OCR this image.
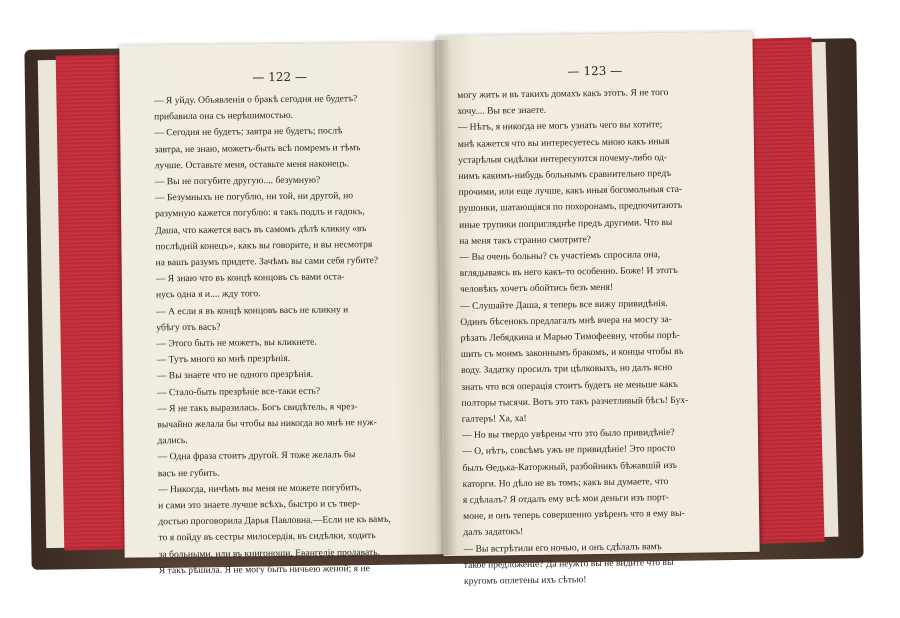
— 122 —
— Я уйду. Объявленія о бракѣ сегодня не будетъ?
прибавила она съ нерѣшимостью.
— Сегодня не будетъ; завтра не будетъ; послѣ
завтра, не знаю, можетъ-быть всѣ помремъ и тѣмъ
лучше. Оставьте меня, оставьте меня наконецъ.
— Вы не погубите другую.... безумную?
— Безумныхъ не погублю, ни той, ни другой, но
разумную кажется погублю: я такъ подлъ и гадокъ,
Даша, что кажется васъ въ самомъ дѣлѣ кликну «въ
послѣдній конецъ», какъ вы говорите, и вы несмотря
на вашъ разумъ придете. Зачѣмъ вы сами себя губите?
— Я знаю что въ концѣ концовъ съ вами оста-
нусь одна я и.... жду того.
— А если я въ концѣ концовъ васъ не кликну и
убѣгу отъ васъ?
— Этого быть не можетъ, вы кликнете.
— Тутъ много ко мнѣ презрѣнія.
— Вы знаете что не одного презрѣнія.
— Стало-быть презрѣніе все-таки есть?
— Я не такъ выразилась. Богъ свидѣтель, я чрез-
вычайно желала бы чтобы вы никогда во мнѣ не нуж-
дались.
— Одна фраза стоитъ другой. Я тоже желалъ бы
васъ не губить.
— Никогда, ничѣмъ вы меня не можете погубить,
и сами это знаете лучше всѣхъ, быстро и съ твер-
достью проговорила Дарья Павловна.—Если не къ вамъ,
то я пойду въ сестры милосердія, въ сидѣлки, ходить
за больными, или въ книгоноши, Евангеліе продавать.
Я такъ рѣшила. Я не могу быть ничьею женой; я не
— 123 —
могу жить и въ такихъ домахъ какъ этотъ. Я не того
хочу.... Вы все знаете.
— Нѣтъ, я никогда не могъ узнать чего вы хотите;
мнѣ кажется что вы интересуетесь мною какъ иныя
устарѣлыя сидѣлки интересуются почему-либо од-
нимъ какимъ-нибудь больнымъ сравнительно предъ
прочими, или еще лучше, какъ иныя богомольныя ста-
рушонки, шатающіяся по похоронамъ, предпочитаютъ
иные трупики попригляднѣе предъ другими. Что вы
на меня такъ странно смотрите?
— Вы очень больны? съ участіемъ спросила она,
вглядываясь въ него какъ-то особенно. Боже! И этотъ
человѣкъ хочетъ обойтись безъ меня!
— Слушайте Даша, я теперь все вижу привидѣнія.
Одинъ бѣсенокъ предлагалъ мнѣ вчера на мосту за-
рѣзать Лебядкина и Марью Тимофеевну, чтобы порѣ-
шить съ моимъ законнымъ бракомъ, и концы чтобы въ
воду. Задатку просилъ три цѣлковыхъ, но далъ ясно
знать что вся операція стоитъ будетъ не меньше какъ
полторы тысячи. Вотъ это такъ разчетливый бѣсъ! Бух-
галтеръ! Ха, ха!
— Но вы твердо увѣрены что это было привидѣніе?
— О, нѣтъ, совсѣмъ ужъ не привидѣніе! Это просто
былъ Ѳедька-Каторжный, разбойникъ бѣжавшій изъ
каторги. Но дѣло не въ томъ; какъ вы думаете, что
я сдѣлалъ? Я отдалъ ему всѣ мои деньги изъ порт-
моне, и онъ теперь совершенно увѣренъ что я ему вы-
далъ задатокъ!
— Вы встрѣтили его ночью, и онъ сдѣлалъ вамъ
такое предложеніе? Да неужто вы не видите что вы
кругомъ оплетены ихъ сѣтью!
